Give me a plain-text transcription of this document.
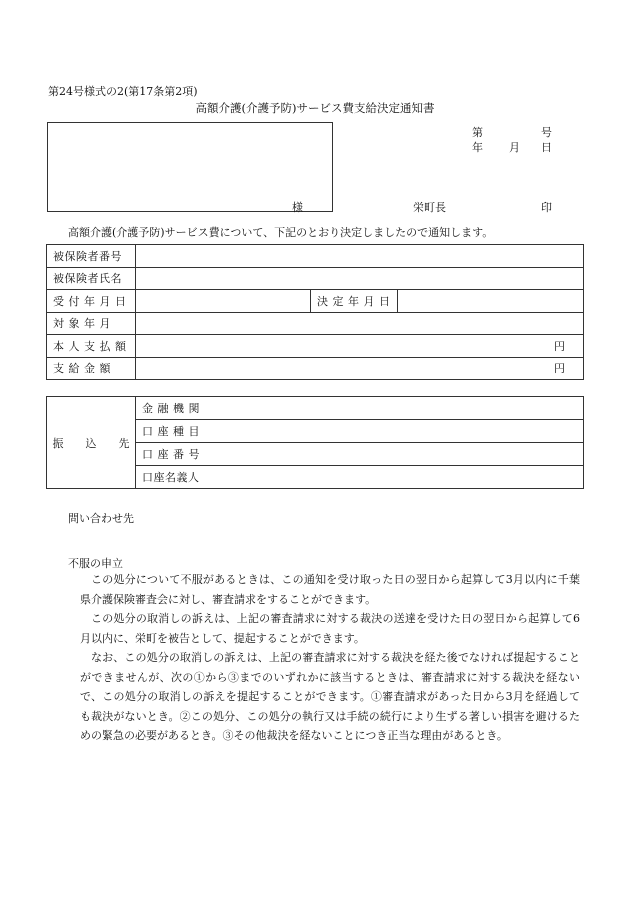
第24号様式の2(第17条第2項)
高額介護(介護予防)サービス費支給決定通知書
様
第	号
年 月 日
栄町長	印
高額介護(介護予防)サービス費について、下記のとおり決定しましたので通知します。
被保険者番号			
被保険者氏名			
受 付 年 月 日		決 定 年 月 日	
対 象 年 月			
本 人 支 払 額	円		
支 給 金 額	円		
振 込 先	金 融 機 関
口 座 種 目
口 座 番 号
口座名義人
問い合わせ先
不服の申立
この処分について不服があるときは、この通知を受け取った日の翌日から起算して3月以内に千葉県介護保険審査会に対し、審査請求をすることができます。
この処分の取消しの訴えは、上記の審査請求に対する裁決の送達を受けた日の翌日から起算して6月以内に、栄町を被告として、提起することができます。
なお、この処分の取消しの訴えは、上記の審査請求に対する裁決を経た後でなければ提起することができませんが、次の①から③までのいずれかに該当するときは、審査請求に対する裁決を経ないで、この処分の取消しの訴えを提起することができます。①審査請求があった日から3月を経過しても裁決がないとき。②この処分、この処分の執行又は手続の続行により生ずる著しい損害を避けるための緊急の必要があるとき。③その他裁決を経ないことにつき正当な理由があるとき。
